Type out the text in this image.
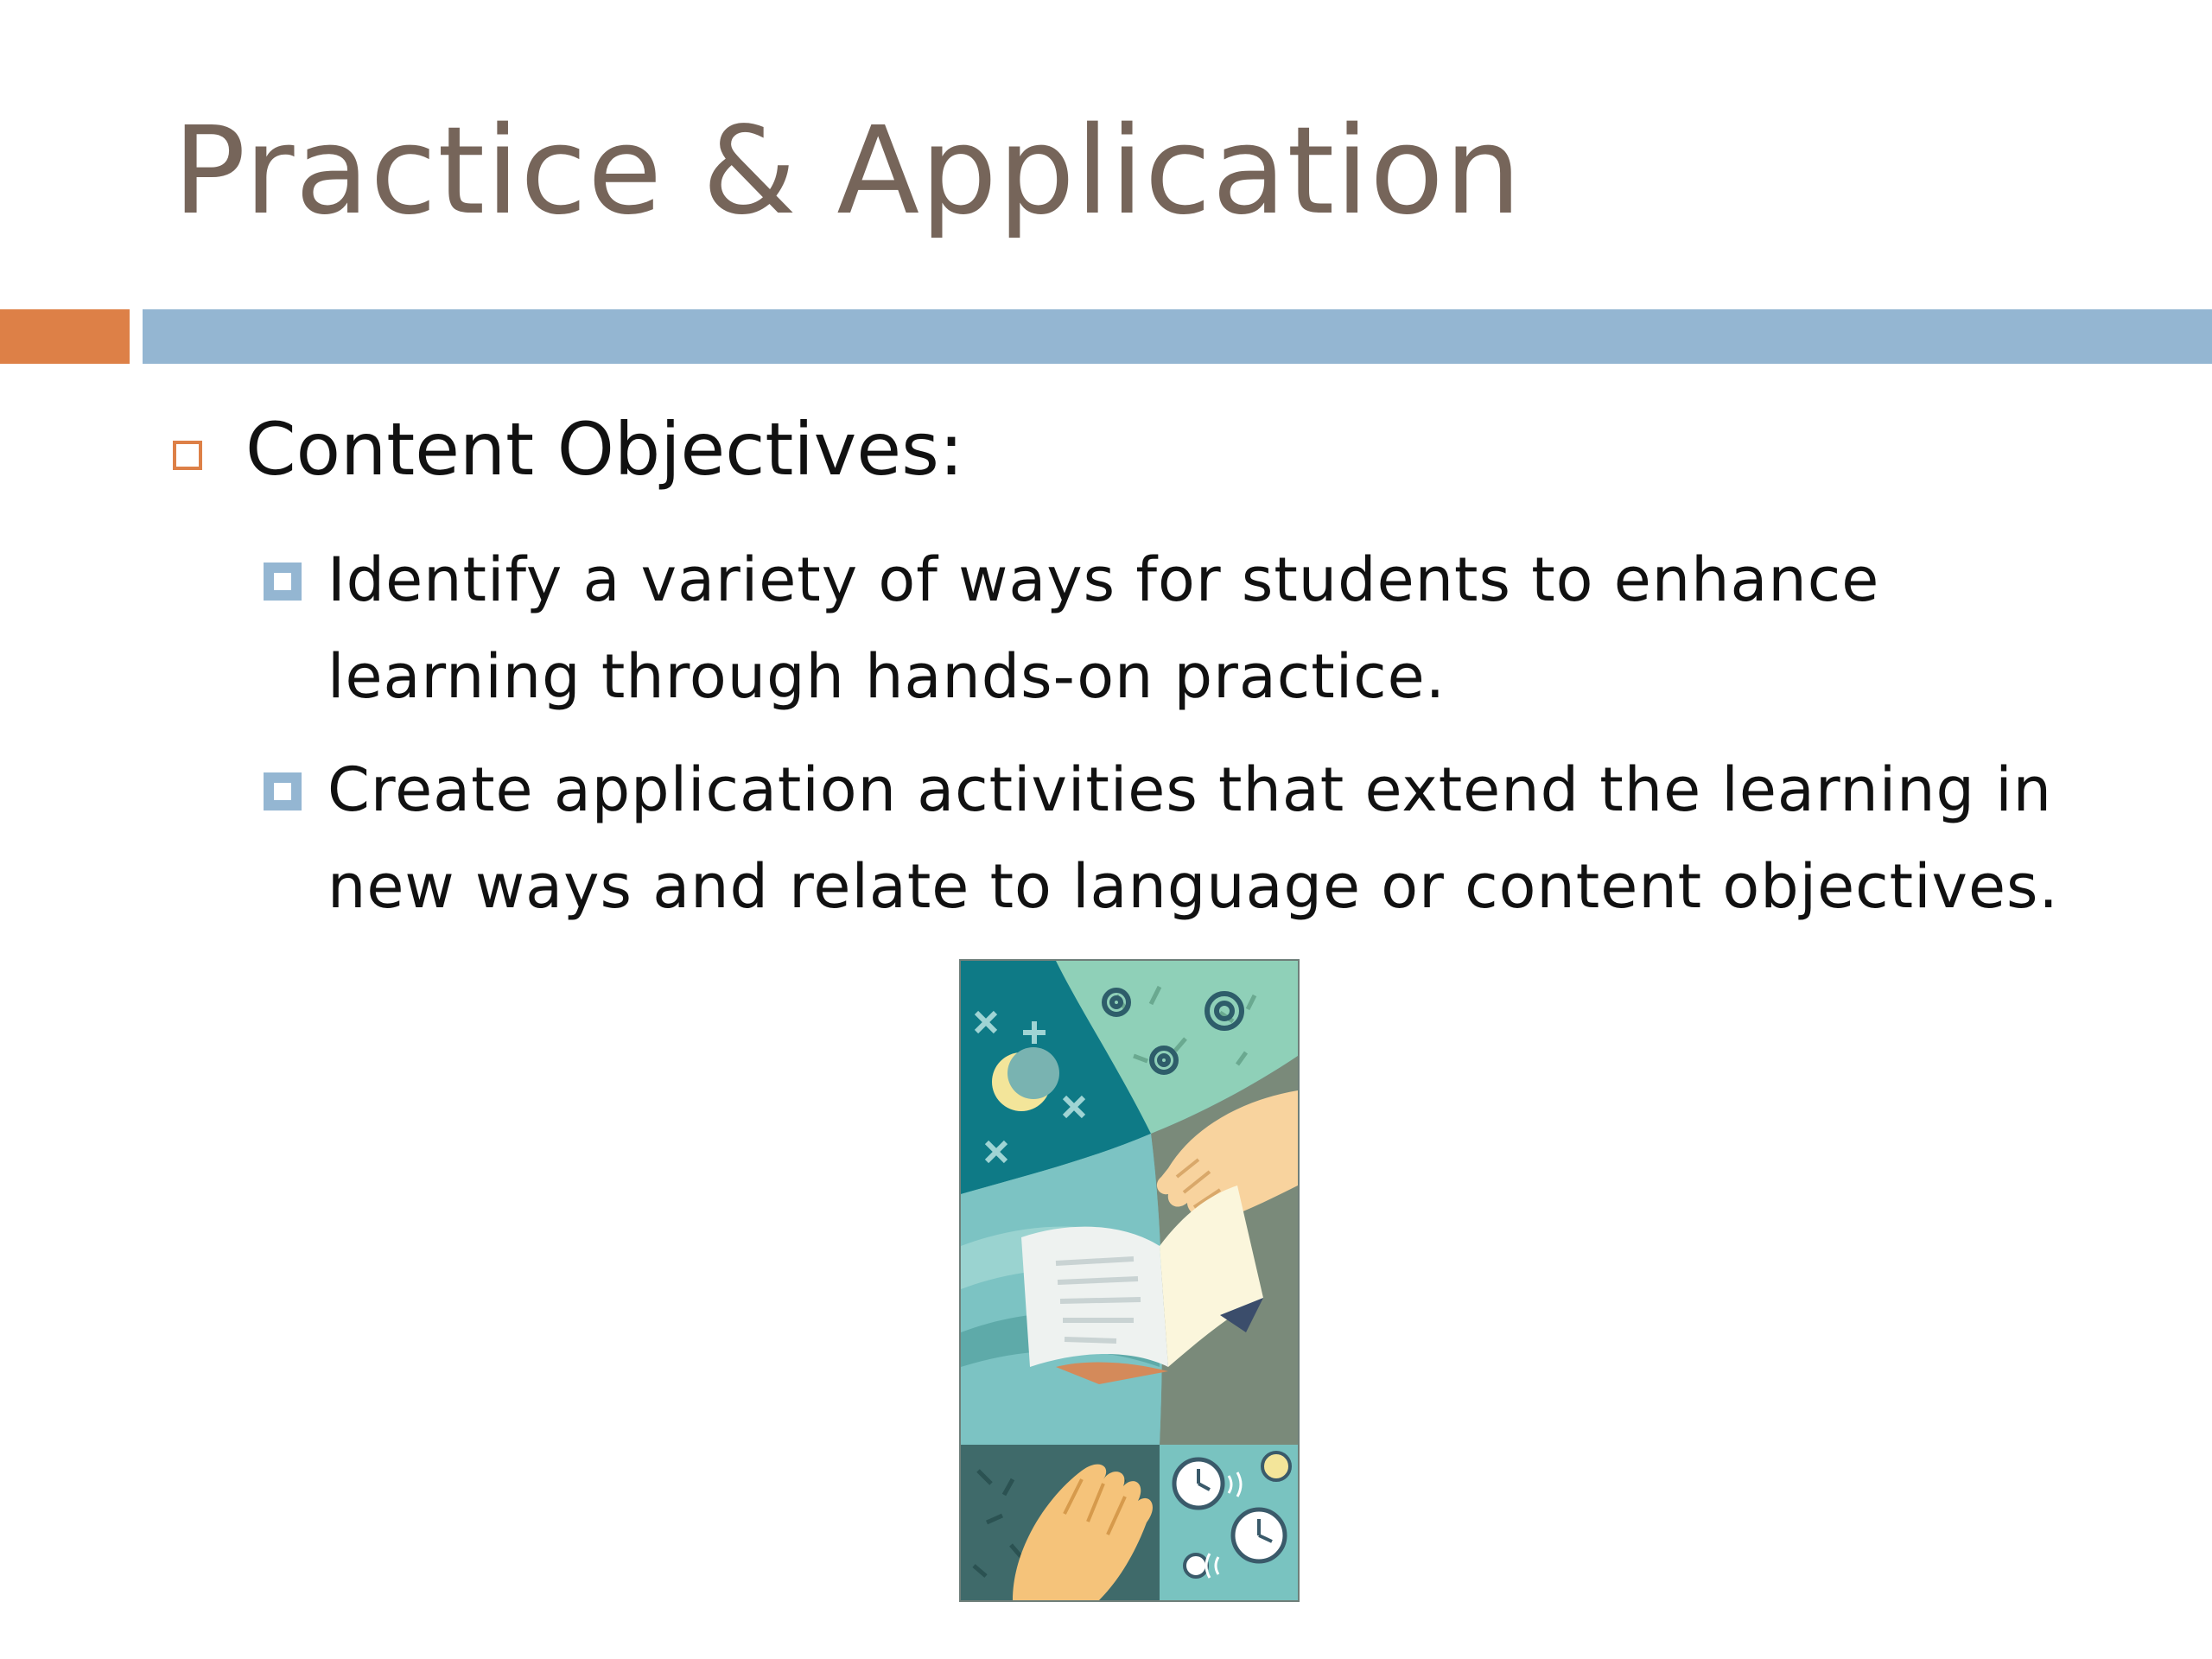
Practice & Application
Content Objectives:
Identify a variety of ways for students to enhance learning through hands-on practice.
Create application activities that extend the learning in new ways and relate to language or content objectives.
